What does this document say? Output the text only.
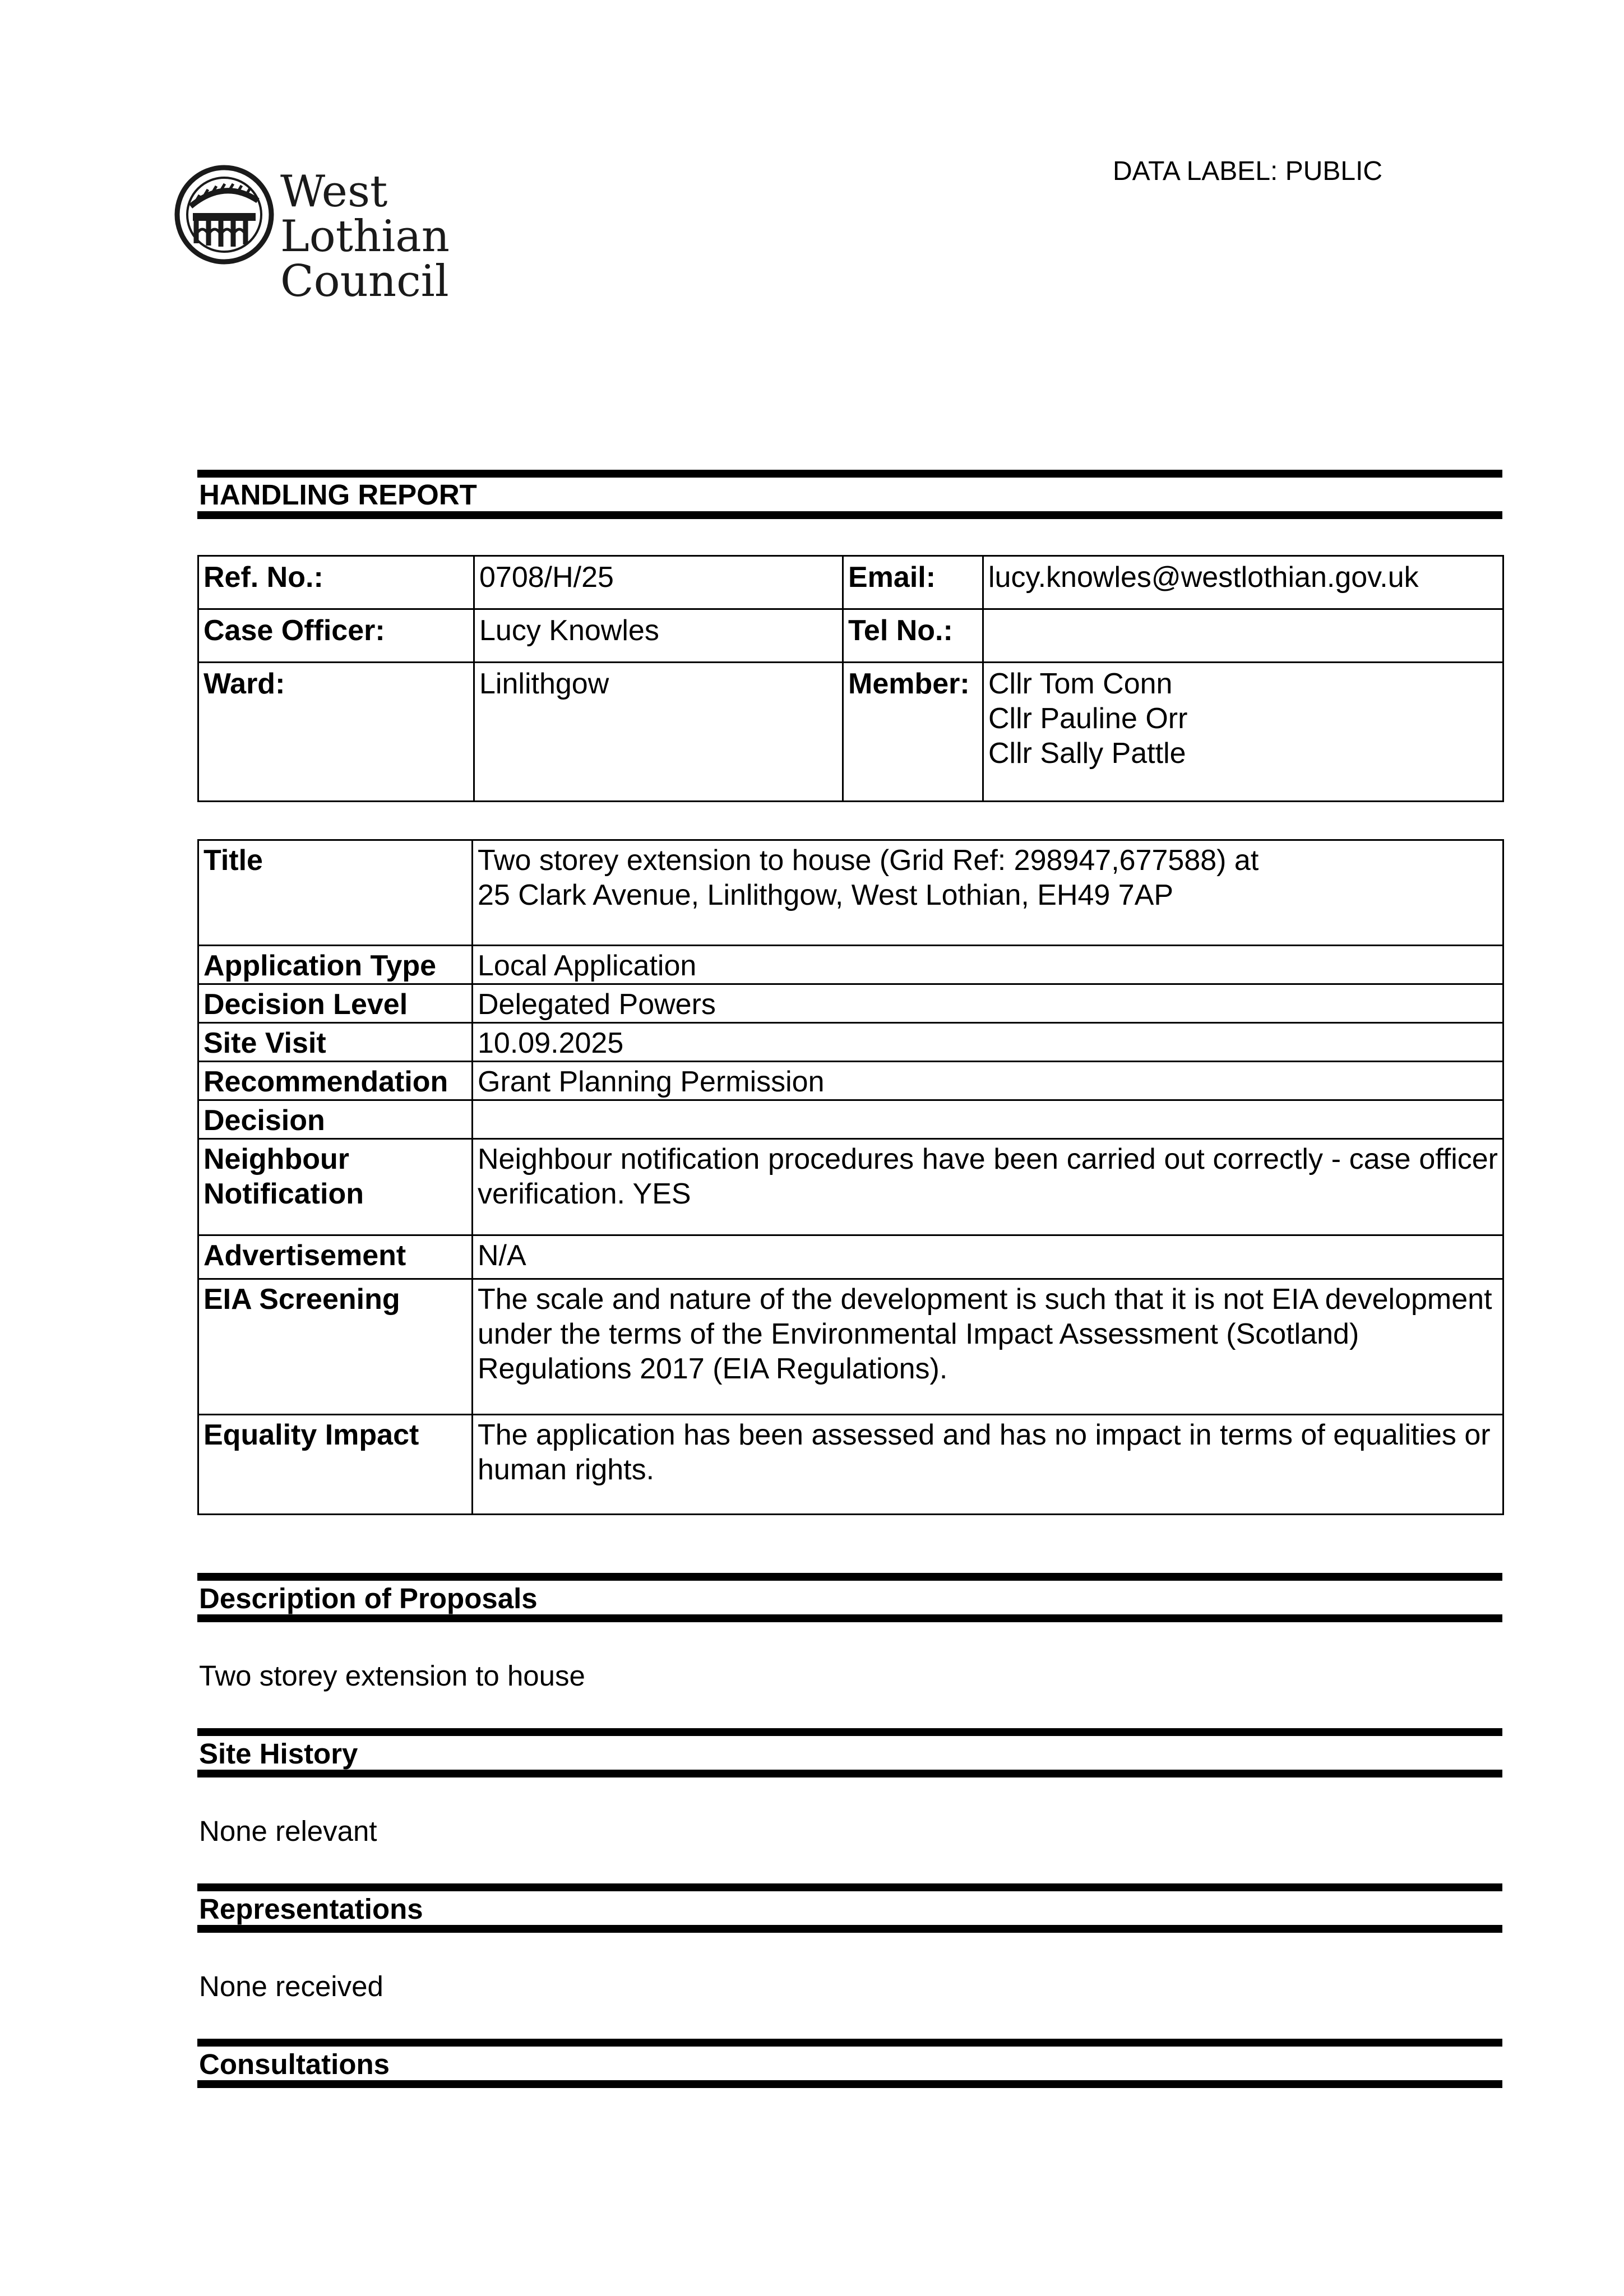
West Lothian
Council
DATA LABEL: PUBLIC
HANDLING REPORT
Ref. No.:	0708/H/25	Email:	lucy.knowles@westlothian.gov.uk
Case Officer:	Lucy Knowles	Tel No.:	
Ward:	Linlithgow	Member:	Cllr Tom Conn
Cllr Pauline Orr
Cllr Sally Pattle
Title	Two storey extension to house (Grid Ref: 298947,677588) at
25 Clark Avenue, Linlithgow, West Lothian, EH49 7AP

Application Type	Local Application
Decision Level	Delegated Powers
Site Visit	10.09.2025
Recommendation	Grant Planning Permission
Decision	

Neighbour
Notification	Neighbour notification procedures have been carried out correctly - case officer verification. YES
Advertisement	N/A
EIA Screening	The scale and nature of the development is such that it is not EIA development under the terms of the Environmental Impact Assessment (Scotland) Regulations 2017 (EIA Regulations).
Equality Impact	The application has been assessed and has no impact in terms of equalities or human rights.
Description of Proposals
Two storey extension to house
Site History
None relevant
Representations
None received
Consultations
